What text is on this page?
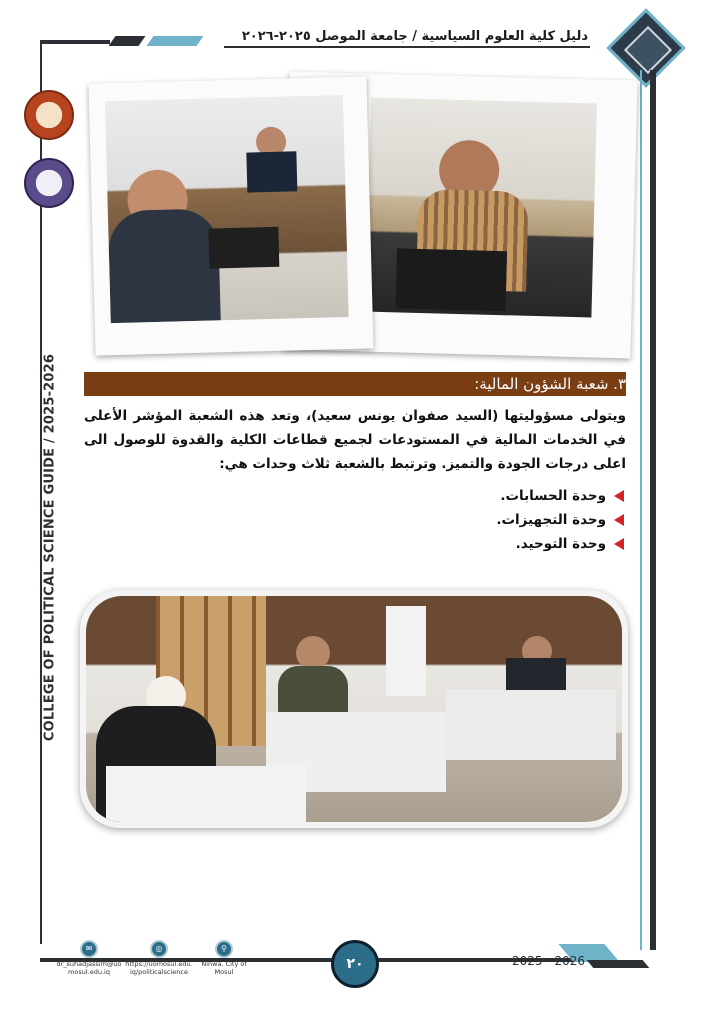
دليل كلية العلوم السياسية / جامعة الموصل ٢٠٢٥-٢٠٢٦
COLLEGE OF POLITICAL SCIENCE GUIDE / 2025-2026	٣. شعبة الشؤون المالية:
ويتولى مسؤوليتها (السيد صفوان يونس سعيد)، وتعد هذه الشعبة المؤشر الأعلى في الخدمات المالية في المستودعات لجميع قطاعات الكلية والقدوة للوصول الى اعلى درجات الجودة والتميز. وترتبط بالشعبة ثلاث وحدات هي:
وحدة الحسابات.
وحدة التجهيزات.
وحدة التوحيد.
٢٠	2025 - 2026
✉
dr_suhadjassim@uo
mosul.edu.iq
◎
https://uomosul.edu.
iq/politicalscience
⚲
Ninwa, City of
Mosul
